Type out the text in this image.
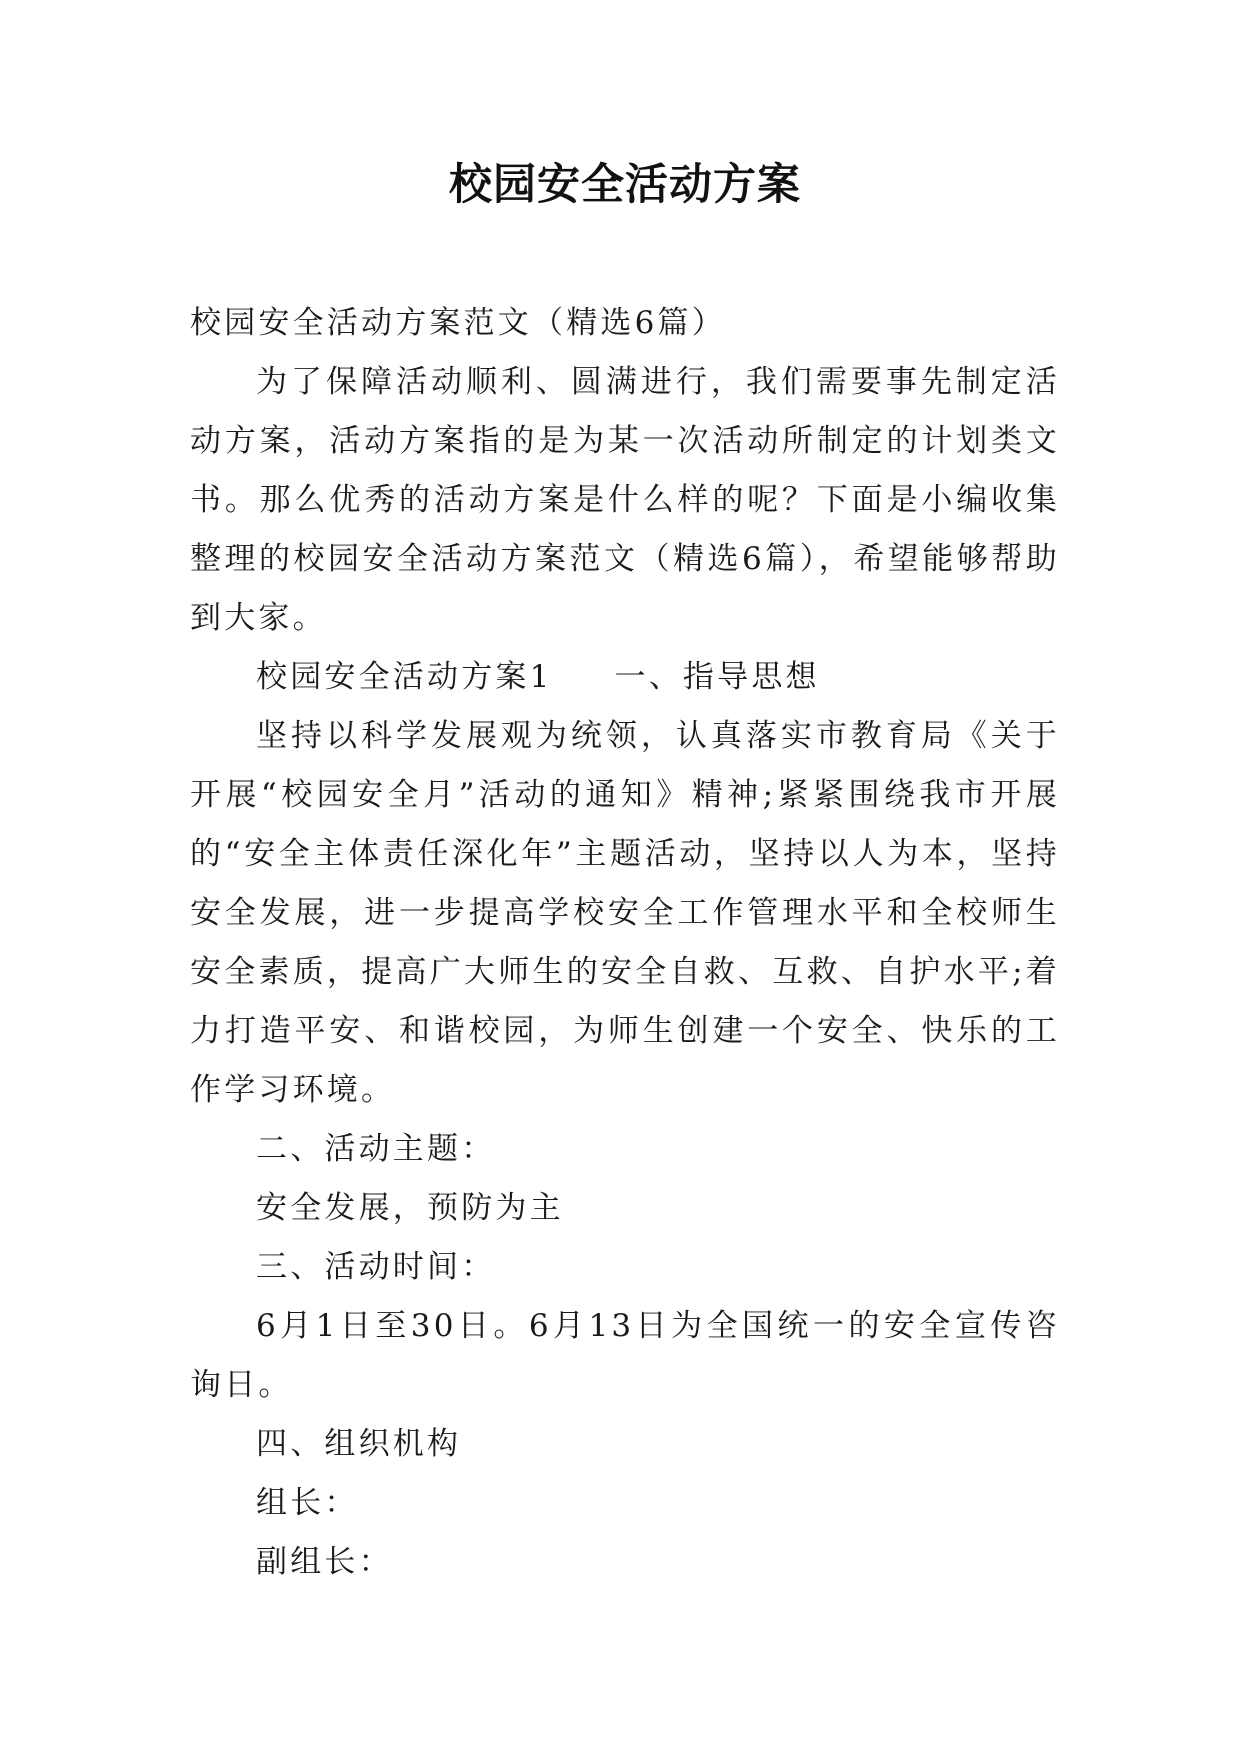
校园安全活动方案

校园安全活动方案范文（精选6篇）

为了保障活动顺利、圆满进行，我们需要事先制定活动方案，活动方案指的是为某一次活动所制定的计划类文书。那么优秀的活动方案是什么样的呢？下面是小编收集整理的校园安全活动方案范文（精选6篇），希望能够帮助到大家。

校园安全活动方案1 一、指导思想

坚持以科学发展观为统领，认真落实市教育局《关于开展“校园安全月”活动的通知》精神;紧紧围绕我市开展的“安全主体责任深化年”主题活动，坚持以人为本，坚持安全发展，进一步提高学校安全工作管理水平和全校师生安全素质，提高广大师生的安全自救、互救、自护水平;着力打造平安、和谐校园，为师生创建一个安全、快乐的工作学习环境。

二、活动主题：

安全发展，预防为主

三、活动时间：

6月1日至30日。6月13日为全国统一的安全宣传咨询日。

四、组织机构

组长：

副组长：
